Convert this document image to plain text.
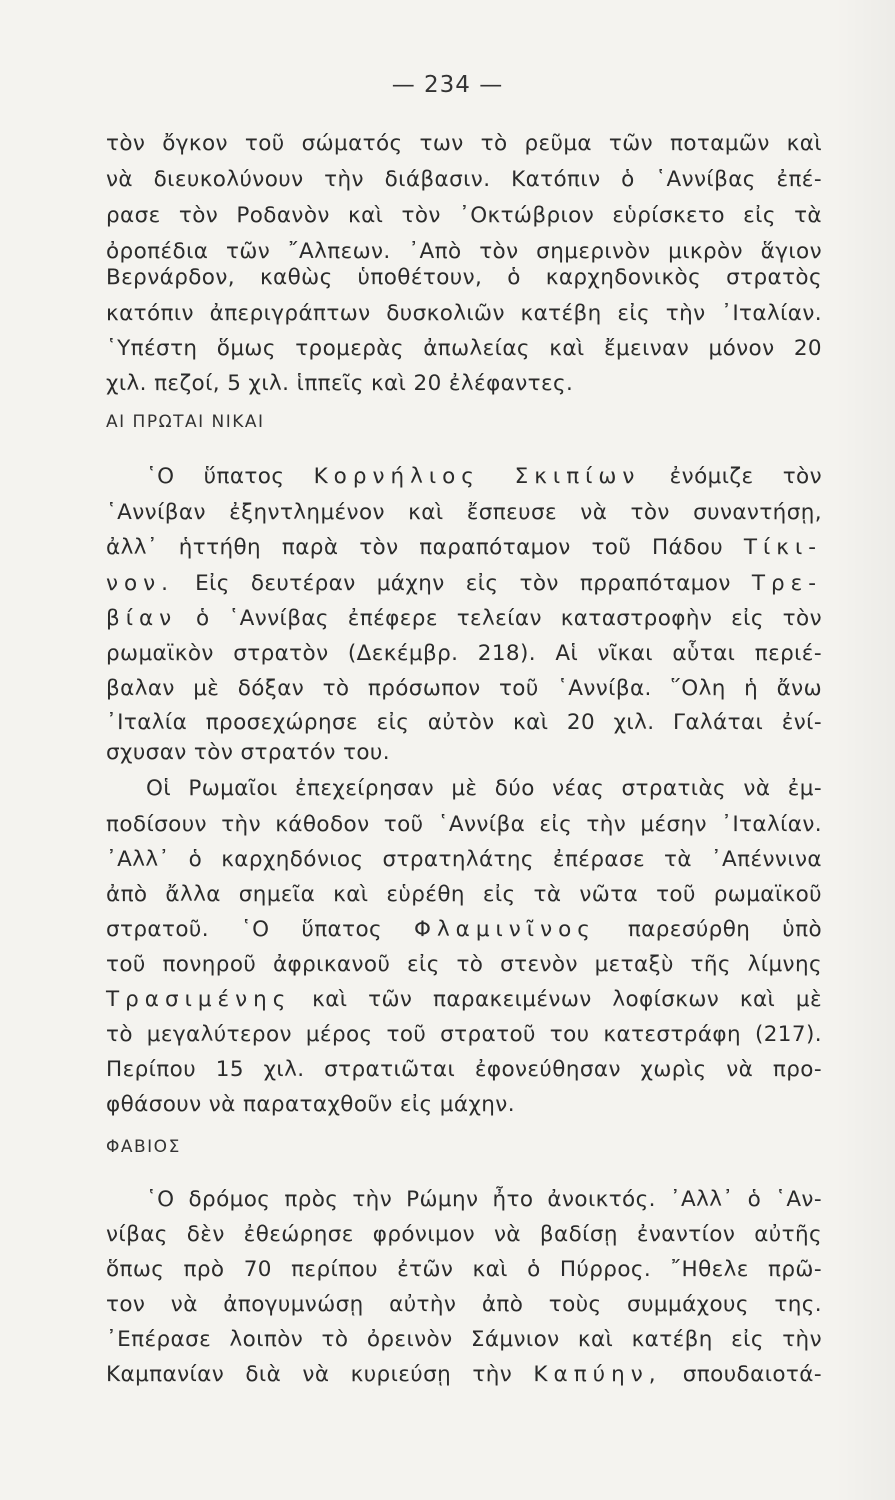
— 234 —
τὸν ὄγκον τοῦ σώματός των τὸ ρεῦμα τῶν ποταμῶν καὶ
νὰ διευκολύνουν τὴν διάβασιν. Κατόπιν ὁ ῾Αννίβας ἐπέ-
ρασε τὸν Ροδανὸν καὶ τὸν ᾿Οκτώβριον εὑρίσκετο εἰς τὰ
ὀροπέδια τῶν ῎Αλπεων. ᾿Απὸ τὸν σημερινὸν μικρὸν ἅγιον
Βερνάρδον, καθὼς ὑποθέτουν, ὁ καρχηδονικὸς στρατὸς
κατόπιν ἀπεριγράπτων δυσκολιῶν κατέβη εἰς τὴν ᾿Ιταλίαν.
῾Υπέστη ὅμως τρομερὰς ἀπωλείας καὶ ἔμειναν μόνον 20
χιλ. πεζοί, 5 χιλ. ἱππεῖς καὶ 20 ἐλέφαντες.
ΑΙ ΠΡΩΤΑΙ ΝΙΚΑΙ
῾Ο ὕπατος Κορνήλιος Σκιπίων ἐνόμιζε τὸν
῾Αννίβαν ἐξηντλημένον καὶ ἔσπευσε νὰ τὸν συναντήσῃ,
ἀλλ᾿ ἡττήθη παρὰ τὸν παραπόταμον τοῦ Πάδου Τίκι-
νον. Εἰς δευτέραν μάχην εἰς τὸν πρραπόταμον Τρε-
βίαν ὁ ῾Αννίβας ἐπέφερε τελείαν καταστροφὴν εἰς τὸν
ρωμαϊκὸν στρατὸν (Δεκέμβρ. 218). Αἱ νῖκαι αὗται περιέ-
βαλαν μὲ δόξαν τὸ πρόσωπον τοῦ ῾Αννίβα. ῞Ολη ἡ ἄνω
᾿Ιταλία προσεχώρησε εἰς αὐτὸν καὶ 20 χιλ. Γαλάται ἐνί-
σχυσαν τὸν στρατόν του.
Οἱ Ρωμαῖοι ἐπεχείρησαν μὲ δύο νέας στρατιὰς νὰ ἐμ-
ποδίσουν τὴν κάθοδον τοῦ ῾Αννίβα εἰς τὴν μέσην ᾿Ιταλίαν.
᾿Αλλ᾿ ὁ καρχηδόνιος στρατηλάτης ἐπέρασε τὰ ᾿Απέννινα
ἀπὸ ἄλλα σημεῖα καὶ εὑρέθη εἰς τὰ νῶτα τοῦ ρωμαϊκοῦ
στρατοῦ. ῾Ο ὕπατος Φλαμινῖνος παρεσύρθη ὑπὸ
τοῦ πονηροῦ ἀφρικανοῦ εἰς τὸ στενὸν μεταξὺ τῆς λίμνης
Τρασιμένης καὶ τῶν παρακειμένων λοφίσκων καὶ μὲ
τὸ μεγαλύτερον μέρος τοῦ στρατοῦ του κατεστράφη (217).
Περίπου 15 χιλ. στρατιῶται ἐφονεύθησαν χωρὶς νὰ προ-
φθάσουν νὰ παραταχθοῦν εἰς μάχην.
ΦΑΒΙΟΣ
῾Ο δρόμος πρὸς τὴν Ρώμην ἦτο ἀνοικτός. ᾿Αλλ᾿ ὁ ῾Αν-
νίβας δὲν ἐθεώρησε φρόνιμον νὰ βαδίσῃ ἐναντίον αὐτῆς
ὅπως πρὸ 70 περίπου ἐτῶν καὶ ὁ Πύρρος. ῎Ηθελε πρῶ-
τον νὰ ἀπογυμνώσῃ αὐτὴν ἀπὸ τοὺς συμμάχους της.
᾿Επέρασε λοιπὸν τὸ ὀρεινὸν Σάμνιον καὶ κατέβη εἰς τὴν
Καμπανίαν διὰ νὰ κυριεύσῃ τὴν Καπύην, σπουδαιοτά-
